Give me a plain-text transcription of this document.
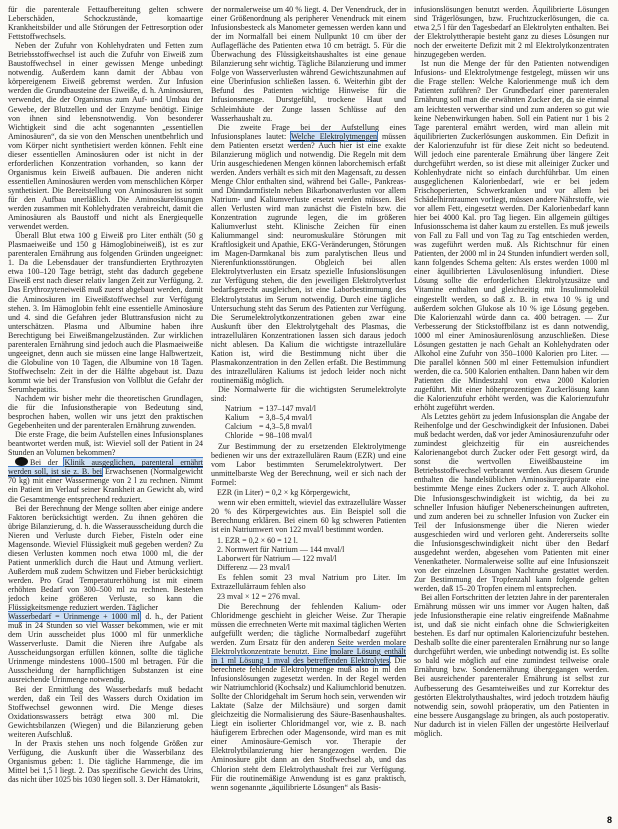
für die parenterale Fettaufbereitung gelten schwere Leberschäden, Schockzustände, komaartige Krankheitsbilder und alle Störungen der Fettresorption oder Fettstoffwechsels.

Neben der Zufuhr von Kohlehydraten und Fetten zum Betriebsstoffwechsel ist auch die Zufuhr von Eiweiß zum Baustoffwechsel in einer gewissen Menge unbedingt notwendig. Außerdem kann damit der Abbau von körpereigenem Eiweiß gebremst werden. Zur Infusion werden die Grundbausteine der Eiweiße, d. h. Aminosäuren, verwendet, die der Organismus zum Auf- und Umbau der Gewebe, der Blutzellen und der Enzyme benötigt. Einige von ihnen sind lebensnotwendig. Von besonderer Wichtigkeit sind die acht sogenannten „essentiellen Aminosäuren“, da sie von den Menschen unentbehrlich und vom Körper nicht synthetisiert werden können. Fehlt eine dieser essentiellen Aminosäuren oder ist nicht in der erforderlichen Konzentration vorhanden, so kann der Organismus kein Eiweiß aufbauen. Die anderen nicht essentiellen Aminosäuren werden vom menschlichen Körper synthetisiert. Die Bereitstellung von Aminosäuren ist somit für den Aufbau unerläßlich. Die Aminosäurelösungen werden zusammen mit Kohlehydraten verabreicht, damit die Aminosäuren als Baustoff und nicht als Energiequelle verwendet werden.

Überall Blut etwa 100 g Eiweiß pro Liter enthält (50 g Plasmaeiweiße und 150 g Hämoglobineiweiß), ist es zur parenteralen Ernährung aus folgenden Gründen ungeeignet: 1. Da die Lebensdauer der transfundierten Erythrozyten etwa 100–120 Tage beträgt, steht das dadurch gegebene Eiweiß erst nach dieser relativ langen Zeit zur Verfügung. 2. Das Erythrozyteneiweiß muß zuerst abgebaut werden, damit die Aminosäuren im Eiweißstoffwechsel zur Verfügung stehen. 3. Im Hämoglobin fehlt eine essentielle Aminosäure und 4. sind die Gefahren jeder Bluttransfusion nicht zu unterschätzen. Plasma und Albumine haben ihre Berechtigung bei Eiweißmangelzuständen. Zur wirklichen parenteralen Ernährung sind jedoch auch die Plasmaeiweiße ungeeignet, denn auch sie müssen eine lange Halbwertzeit, die Globuline von 10 Tagen, die Albumine von 18 Tagen. Stoffwechseln: Zeit in der die Hälfte abgebaut ist. Dazu kommt wie bei der Transfusion von Vollblut die Gefahr der Serumhepatitis.

Nachdem wir bisher mehr die theoretischen Grundlagen, die für die Infusionstherapie von Bedeutung sind, besprochen haben, wollen wir uns jetzt den praktischen Gegebenheiten und der parenteralen Ernährung zuwenden.

Die erste Frage, die beim Aufstellen eines Infusionsplanes beantwortet werden muß, ist: Wieviel soll der Patient in 24 Stunden an Volumen bekommen?

Bei der Klinik ausgeglichen, parenteral ernährt werden soll, ist sie z. B. bei Erwachsenen (Normalgewicht 70 kg) mit einer Wassermenge von 2 l zu rechnen. Nimmt ein Patient im Verlauf seiner Krankheit an Gewicht ab, wird die Gesamtmenge entsprechend reduziert.

Bei der Berechnung der Menge sollten aber einige andere Faktoren berücksichtigt werden. Zu ihnen gehören die übrige Bilanzierung, d. h. die Wasserausscheidung durch die Nieren und Verluste durch Fieber, Fisteln oder eine Magensonde. Wieviel Flüssigkeit muß gegeben werden? Zu diesen Verlusten kommen noch etwa 1000 ml, die der Patient unmerklich durch die Haut und Atmung verliert. Außerdem muß zudem Schwitzen und Fieber berücksichtigt werden. Pro Grad Temperaturerhöhung ist mit einem erhöhten Bedarf von 300–500 ml zu rechnen. Bestehen jedoch keine größeren Verluste, so kann die Flüssigkeitsmenge reduziert werden. Täglicher

Wasserbedarf = Urinmenge + 1000 ml, d. h., der Patient muß in 24 Stunden so viel Wasser bekommen, wie er mit dem Urin ausscheidet plus 1000 ml für unmerkliche Wasserverluste. Damit die Nieren ihre Aufgabe als Ausscheidungsorgan erfüllen können, sollte die tägliche Urinmenge mindestens 1000–1500 ml betragen. Für die Ausscheidung der harnpflichtigen Substanzen ist eine ausreichende Urinmenge notwendig.

Bei der Ermittlung des Wasserbedarfs muß bedacht werden, daß ein Teil des Wassers durch Oxidation im Stoffwechsel gewonnen wird. Die Menge dieses Oxidationswassers beträgt etwa 300 ml. Die Gewichtsbilanzen (Wiegen) und die Bilanzierung geben weiteren Aufschluß.

In der Praxis stehen uns noch folgende Größen zur Verfügung, die Auskunft über die Wasserbilanz des Organismus geben: 1. Die tägliche Harnmenge, die im Mittel bei 1,5 l liegt. 2. Das spezifische Gewicht des Urins, das nicht über 1025 bis 1030 liegen soll. 3. Der Hämatokrit,

der normalerweise um 40 % liegt. 4. Der Venendruck, der in einer Größenordnung als peripherer Venendruck mit einem Infusionsbesteck als Manometer gemessen werden kann und der im Normalfall bei einem Nullpunkt 10 cm über der Auflagefläche des Patienten etwa 10 cm beträgt. 5. Für die Überwachung des Flüssigkeitshaushaltes ist eine genaue Bilanzierung sehr wichtig. Tägliche Bilanzierung und immer Folge von Wasserverlusten während Gewichtszunahmen auf eine Überinfusion schließen lassen. 6. Weiterhin gibt der Befund des Patienten wichtige Hinweise für die Infusionsmenge. Durstgefühl, trockene Haut und Schleimhäute der Zunge lassen Schlüsse auf den Wasserhaushalt zu.

Die zweite Frage bei der Aufstellung eines Infusionsplanes lautet: Welche Elektrolytmengen müssen dem Patienten ersetzt werden? Auch hier ist eine exakte Bilanzierung möglich und notwendig. Die Regeln mit dem Urin ausgeschiedenen Mengen können laborchemisch erfaßt werden. Anders verhält es sich mit den Magensaft, zu dessen Menge Chlor enthalten sind, während bei Galle-, Pankreas- und Dünndarmfisteln neben Bikarbonatverlusten vor allem Natrium- und Kaliumverluste ersetzt werden müssen. Bei allen Verlusten wird man zunächst die Fisteln bzw. die Konzentration zugrunde legen, die im größeren Kaliumverlust steht. Klinische Zeichen für einen Kaliummangel sind: neuromuskuläre Störungen mit Kraftlosigkeit und Apathie, EKG-Veränderungen, Störungen im Magen-Darmkanal bis zum paralytischen Ileus und Nierenfunktionsstörungen. Obgleich bei allen Elektrolytverlusten ein Ersatz spezielle Infusionslösungen zur Verfügung stehen, die den jeweiligen Elektrolytverlust bedarfsgerecht ausgleichen, ist eine Laborbestimmung des Elektrolytstatus im Serum notwendig. Durch eine tägliche Untersuchung steht das Serum des Patienten zur Verfügung. Die Serumelektrolytkonzentrationen geben zwar eine Auskunft über den Elektrolytgehalt des Plasmas, die intrazellulären Konzentrationen lassen sich daraus jedoch nicht ablesen. Da Kalium die wichtigste intrazelluläre Kation ist, wird die Bestimmung nicht über die Plasmakonzentration in den Zellen erfaßt. Die Bestimmung des intrazellulären Kaliums ist jedoch leider noch nicht routinemäßig möglich.

Die Normalwerte für die wichtigsten Serumelektrolyte sind:

Natrium	= 137–147 mval/l
Kalium	= 3,8–5,4 mval/l
Calcium	= 4,3–5,8 mval/l
Chloride	= 98–108 mval/l

Zur Bestimmung der zu ersetzenden Elektrolytmenge bedienen wir uns der extrazellulären Raum (EZR) und eine vom Labor bestimmten Serumelektrolytwert. Der unmittelbarste Weg der Berechnung, weil er sich nach der Formel:

EZR (in Liter) = 0,2 × kg Körpergewicht,

wenn wir eben ermittelt, wieviel das extrazelluläre Wasser 20 % des Körpergewichtes aus. Ein Beispiel soll die Berechnung erklären. Bei einem 60 kg schweren Patienten ist ein Natriumwert von 122 mval/l bestimmt worden.

1. EZR = 0,2 × 60 = 12 l.
2. Normwert für Natrium — 144 mval/l
Laborwert für Natrium — 122 mval/l
Differenz — 23 mval/l

Es fehlen somit 23 mval Natrium pro Liter. Im Extrazellulärraum fehlen also

23 mval × 12 = 276 mval.

Die Berechnung der fehlenden Kalium- oder Chloridmenge geschieht in gleicher Weise. Zur Therapie müssen die errechneten Werte mit maximal täglichen Werten aufgefüllt werden; die tägliche Normalbedarf zugeführt werden. Zum Ersatz für den anderen Seite werden molare Elektrolytkonzentrate benutzt. Eine molare Lösung enthält in 1 ml Lösung 1 mval des betreffenden Elektrolytes. Die berechnete fehlende Elektrolytmenge muß also in ml den Infusionslösungen zugesetzt werden. In der Regel werden wir Natriumchlorid (Kochsalz) und Kaliumchlorid benutzen. Sollte der Chloridgehalt im Serum hoch sein, verwenden wir Laktate (Salze der Milchsäure) und sorgen damit gleichzeitig die Normalisierung des Säure-Basenhaushaltes. Liegt ein isolierter Chloridmangel vor, wie z. B. nach häufigerem Erbrechen oder Magensonde, wird man es mit einer Aminosäure-Gemisch vor. Therapie der Elektrolytbilanzierung hier herangezogen werden. Die Aminosäure gibt dann an den Stoffwechsel ab, und das Chlorion steht dem Elektrolythaushalt frei zur Verfügung. Für die routinemäßige Anwendung ist es ganz praktisch, wenn sogenannte „äquilibrierte Lösungen“ als Basis-

infusionslösungen benutzt werden. Äquilibrierte Lösungen sind Trägerlösungen, bzw. Fruchtzuckerlösungen, die ca. etwa 2,5 l für den Tagesbedarf an Elektrolyten enthalten. Bei der Elektrolyttherapie besteht ganz zu dieses Lösungen nur noch der erweiterte Defizit mit 2 ml Elektrolytkonzentraten hinzugegeben werden.

Ist nun die Menge der für den Patienten notwendigen Infusions- und Elektrolytmenge festgelegt, müssen wir uns die Frage stellen: Welche Kalorienmenge muß ich dem Patienten zuführen? Der Grundbedarf einer parenteralen Ernährung soll man die erwähnten Zucker der, da sie einmal am leichtesten verwertbar sind und zum anderen so gut wie keine Nebenwirkungen haben. Soll ein Patient nur 1 bis 2 Tage parenteral ernährt werden, wird man allein mit äquilibrierten Zuckerlösungen auskommen. Ein Defizit in der Kalorienzufuhr ist für diese Zeit nicht so bedeutend. Will jedoch eine parenterale Ernährung über längere Zeit durchgeführt werden, so ist diese mit alleiniger Zucker und Kohlenhydrate nicht so einfach durchführbar. Um einen ausgeglichenen Kalorienbedarf, wie er bei jedem Frischoperierten, Schwerkranken und vor allem bei Schädelhirntraumen vorliegt, müssen andere Nährstoffe, wie vor allem Fett, eingesetzt werden. Der Kalorienbedarf kann hier bei 4000 Kal. pro Tag liegen. Ein allgemein gültiges Infusionsschema ist daher kaum zu erstellen. Es muß jeweils von Fall zu Fall und von Tag zu Tag entschieden werden, was zugeführt werden muß. Als Richtschnur für einen Patienten, der 2000 ml in 24 Stunden infundiert werden soll, kann folgendes Schema gelten: Als erstes werden 1000 ml einer äquilibrierten Lävulosenlösung infundiert. Diese Lösung sollte die erforderlichen Elektrolytzusätze und Vitamine enthalten und gleichzeitig mit Insulinmolekül eingestellt werden, so daß z. B. in etwa 10 % ig und außerdem solchen Glukose als 10 % ige Lösung gegeben. Die Kalorienzahl würde dann ca. 400 betragen. — Zur Verbesserung der Stickstoffbilanz ist es dann notwendig, 1000 ml einer Aminosäurenlösung anzuschließen. Diese Lösungen gestatten je nach Gehalt an Kohlehydraten oder Alkohol eine Zufuhr von 350–1000 Kalorien pro Liter. — Die parallel können 500 ml einer Fettemulsion infundiert werden, die ca. 500 Kalorien enthalten. Dann haben wir dem Patienten die Mindestzahl von etwa 2000 Kalorien zugeführt. Mit einer höherprozentigen Zuckerlösung kann die Kalorienzufuhr erhöht werden, was die Kalorienzufuhr erhöht zugeführt werden.

Als Letztes gehört zu jedem Infusionsplan die Angabe der Reihenfolge und der Geschwindigkeit der Infusionen. Dabei muß bedacht werden, daß vor jeder Aminosäurenzufuhr oder zumindest gleichzeitig für ein ausreichendes Kalorienangebot durch Zucker oder Fett gesorgt wird, da sonst die wertvollen Eiweißbausteine im Betriebsstoffwechsel verbrannt werden. Aus diesem Grunde enthalten die handelsüblichen Aminosäurepräparate eine bestimmte Menge eines Zuckers oder z. T. auch Alkohol. Die Infusionsgeschwindigkeit ist wichtig, da bei zu schneller Infusion häufiger Nebenerscheinungen auftreten, und zum anderen bei zu schneller Infusion von Zucker ein Teil der Infusionsmenge über die Nieren wieder ausgeschieden wird und verloren geht. Andererseits sollte die Infusionsgeschwindigkeit nicht über den Bedarf ausgedehnt werden, abgesehen vom Patienten mit einer Venenkatheter. Normalerweise sollte auf eine Infusionszeit von der einzelnen Lösungen Nachtruhe gestattet werden. Zur Bestimmung der Tropfenzahl kann folgende gelten werden, daß 15–20 Tropfen einem ml entsprechen.

Bei allen Fortschritten der letzten Jahre in der parenteralen Ernährung müssen wir uns immer vor Augen halten, daß jede Infusionstherapie eine relativ eingreifende Maßnahme ist, und daß sie nicht einfach ohne die Schwierigkeiten bestehen. Es darf nur optimalen Kaloriencizufuhr bestehen. Deshalb sollte die einer parenteralen Ernährung nur so lange durchgeführt werden, wie unbedingt notwendig ist. Es sollte so bald wie möglich auf eine zumindest teilweise orale Ernährung bzw. Sondenernährung übergegangen werden. Bei ausreichender parenteraler Ernährung ist selbst zur Aufbesserung des Gesamteiweißes und zur Korrektur des gestörten Elektrolythaushaltes, wird jedoch trotzdem häufig notwendig sein, sowohl präoperativ, um den Patienten in eine bessere Ausgangslage zu bringen, als auch postoperativ. Nur dadurch ist in vielen Fällen der ungestörte Heilverlauf möglich.

8
